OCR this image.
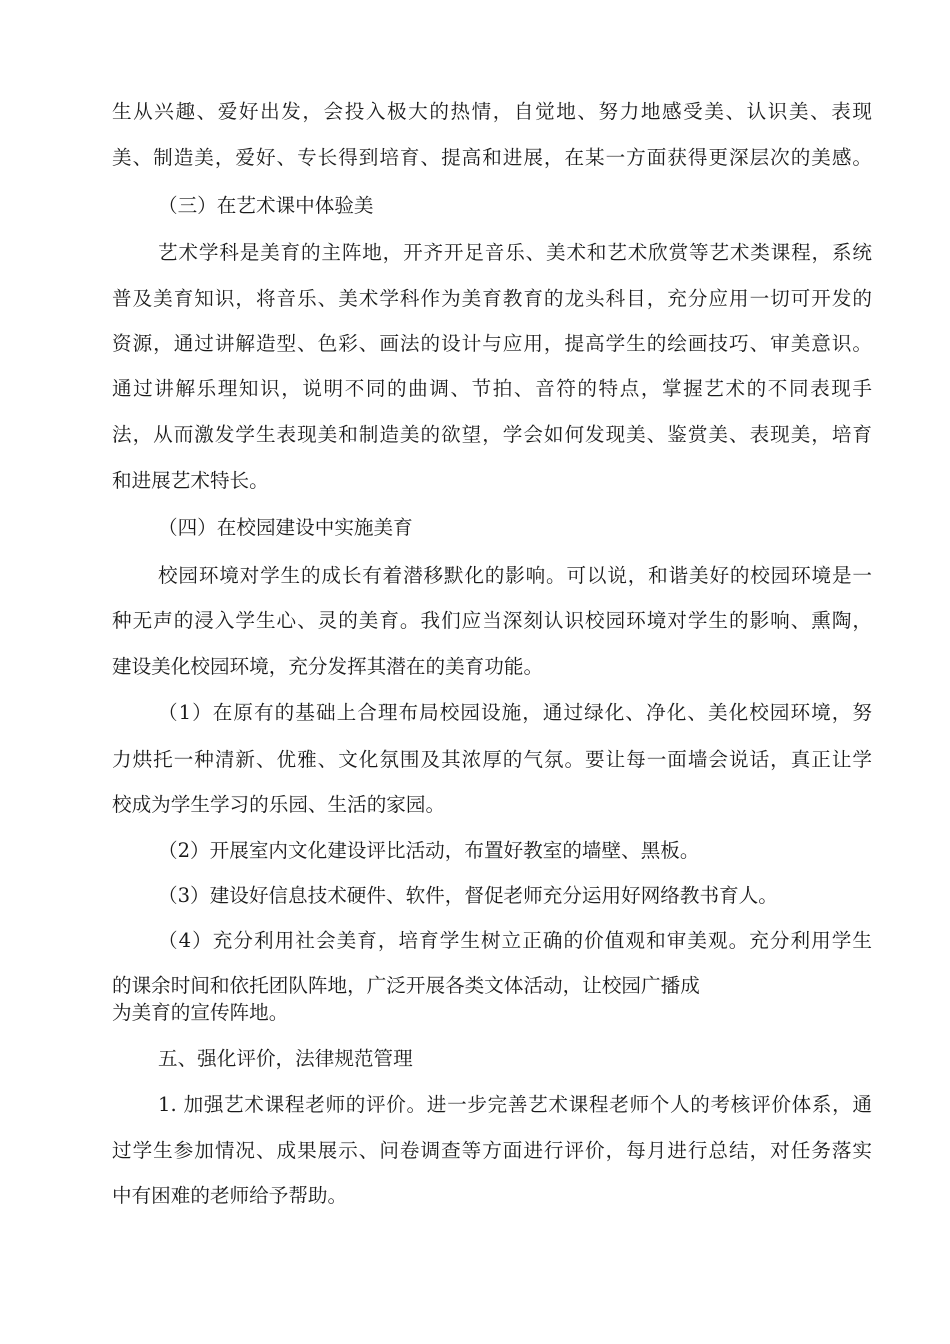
生从兴趣、爱好出发，会投入极大的热情，自觉地、努力地感受美、认识美、表现
美、制造美，爱好、专长得到培育、提高和进展，在某一方面获得更深层次的美感。
（三）在艺术课中体验美
艺术学科是美育的主阵地，开齐开足音乐、美术和艺术欣赏等艺术类课程，系统
普及美育知识，将音乐、美术学科作为美育教育的龙头科目，充分应用一切可开发的
资源，通过讲解造型、色彩、画法的设计与应用，提高学生的绘画技巧、审美意识。
通过讲解乐理知识，说明不同的曲调、节拍、音符的特点，掌握艺术的不同表现手
法，从而激发学生表现美和制造美的欲望，学会如何发现美、鉴赏美、表现美，培育
和进展艺术特长。
（四）在校园建设中实施美育
校园环境对学生的成长有着潜移默化的影响。可以说，和谐美好的校园环境是一
种无声的浸入学生心、灵的美育。我们应当深刻认识校园环境对学生的影响、熏陶，
建设美化校园环境，充分发挥其潜在的美育功能。
（1）在原有的基础上合理布局校园设施，通过绿化、净化、美化校园环境，努
力烘托一种清新、优雅、文化氛围及其浓厚的气氛。要让每一面墙会说话，真正让学
校成为学生学习的乐园、生活的家园。
（2）开展室内文化建设评比活动，布置好教室的墙壁、黑板。
（3）建设好信息技术硬件、软件，督促老师充分运用好网络教书育人。
（4）充分利用社会美育，培育学生树立正确的价值观和审美观。充分利用学生
的课余时间和依托团队阵地，广泛开展各类文体活动，让校园广播成
为美育的宣传阵地。
五、强化评价，法律规范管理
1. 加强艺术课程老师的评价。进一步完善艺术课程老师个人的考核评价体系，通
过学生参加情况、成果展示、问卷调查等方面进行评价，每月进行总结，对任务落实
中有困难的老师给予帮助。
